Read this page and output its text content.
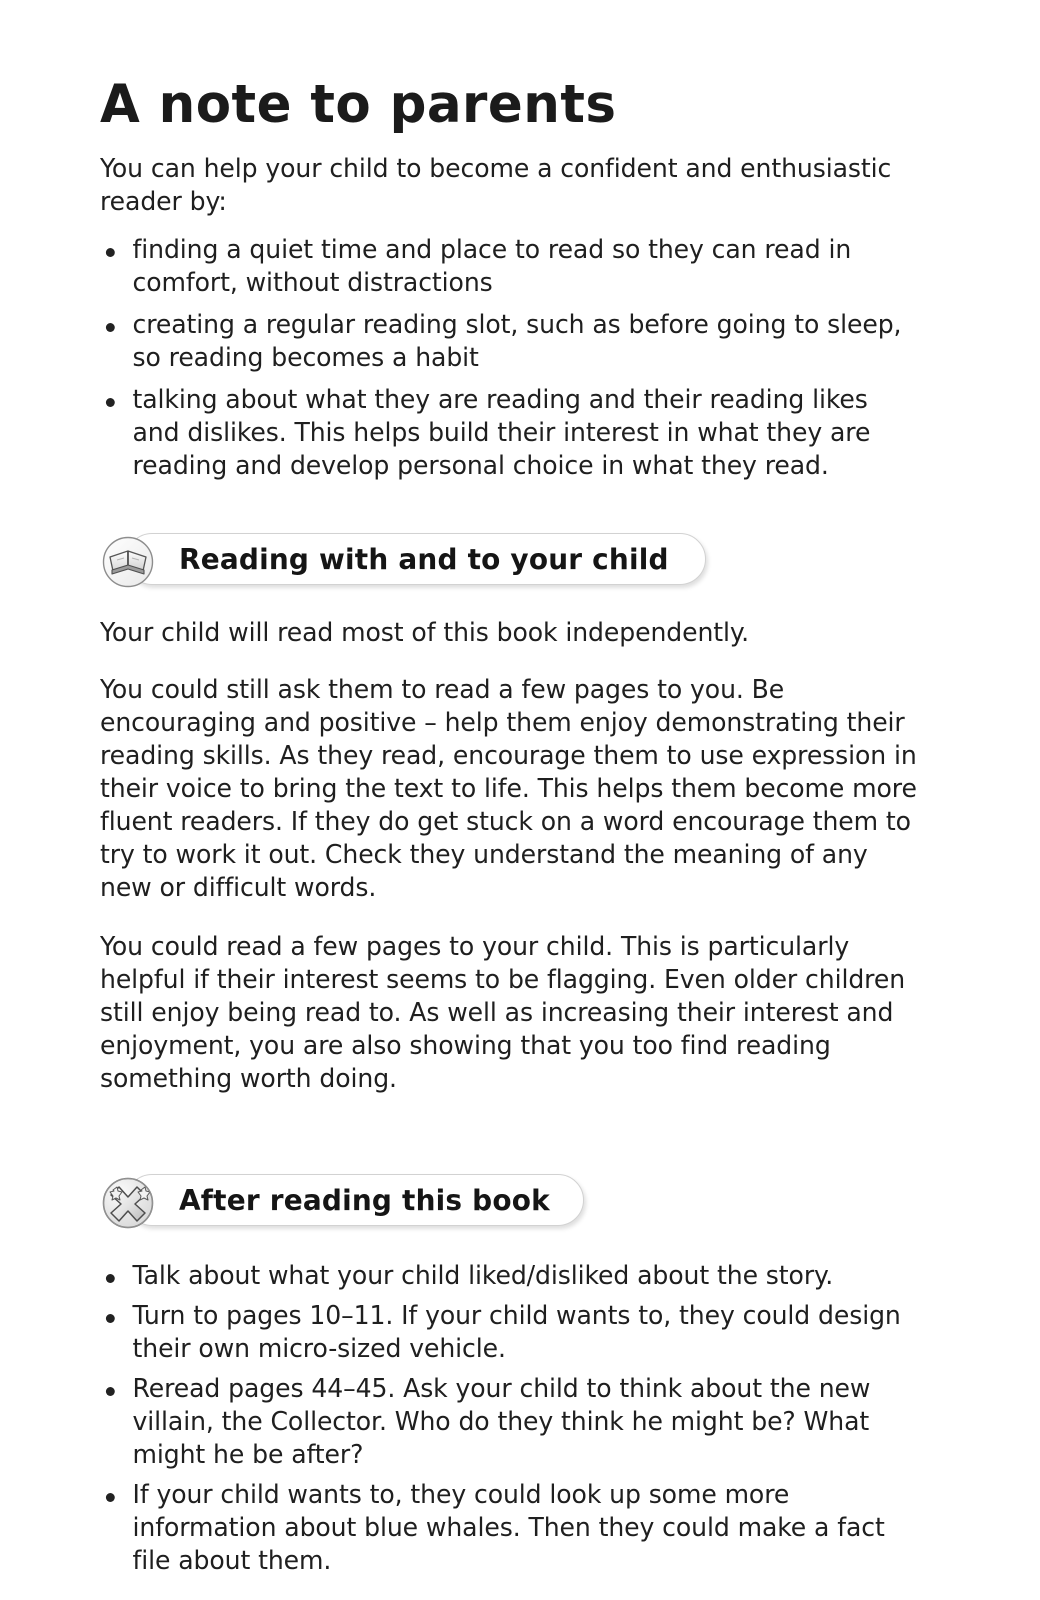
A note to parents

You can help your child to become a confident and enthusiastic reader by:

finding a quiet time and place to read so they can read in comfort, without distractions
creating a regular reading slot, such as before going to sleep, so reading becomes a habit
talking about what they are reading and their reading likes and dislikes. This helps build their interest in what they are reading and develop personal choice in what they read.
Reading with and to your child

Your child will read most of this book independently.

You could still ask them to read a few pages to you. Be encouraging and positive – help them enjoy demonstrating their reading skills. As they read, encourage them to use expression in their voice to bring the text to life. This helps them become more fluent readers. If they do get stuck on a word encourage them to try to work it out. Check they understand the meaning of any new or difficult words.

You could read a few pages to your child. This is particularly helpful if their interest seems to be flagging. Even older children still enjoy being read to. As well as increasing their interest and enjoyment, you are also showing that you too find reading something worth doing.

After reading this book
Talk about what your child liked/disliked about the story.
Turn to pages 10–11. If your child wants to, they could design their own micro-sized vehicle.
Reread pages 44–45. Ask your child to think about the new villain, the Collector. Who do they think he might be? What might he be after?
If your child wants to, they could look up some more information about blue whales. Then they could make a fact file about them.
